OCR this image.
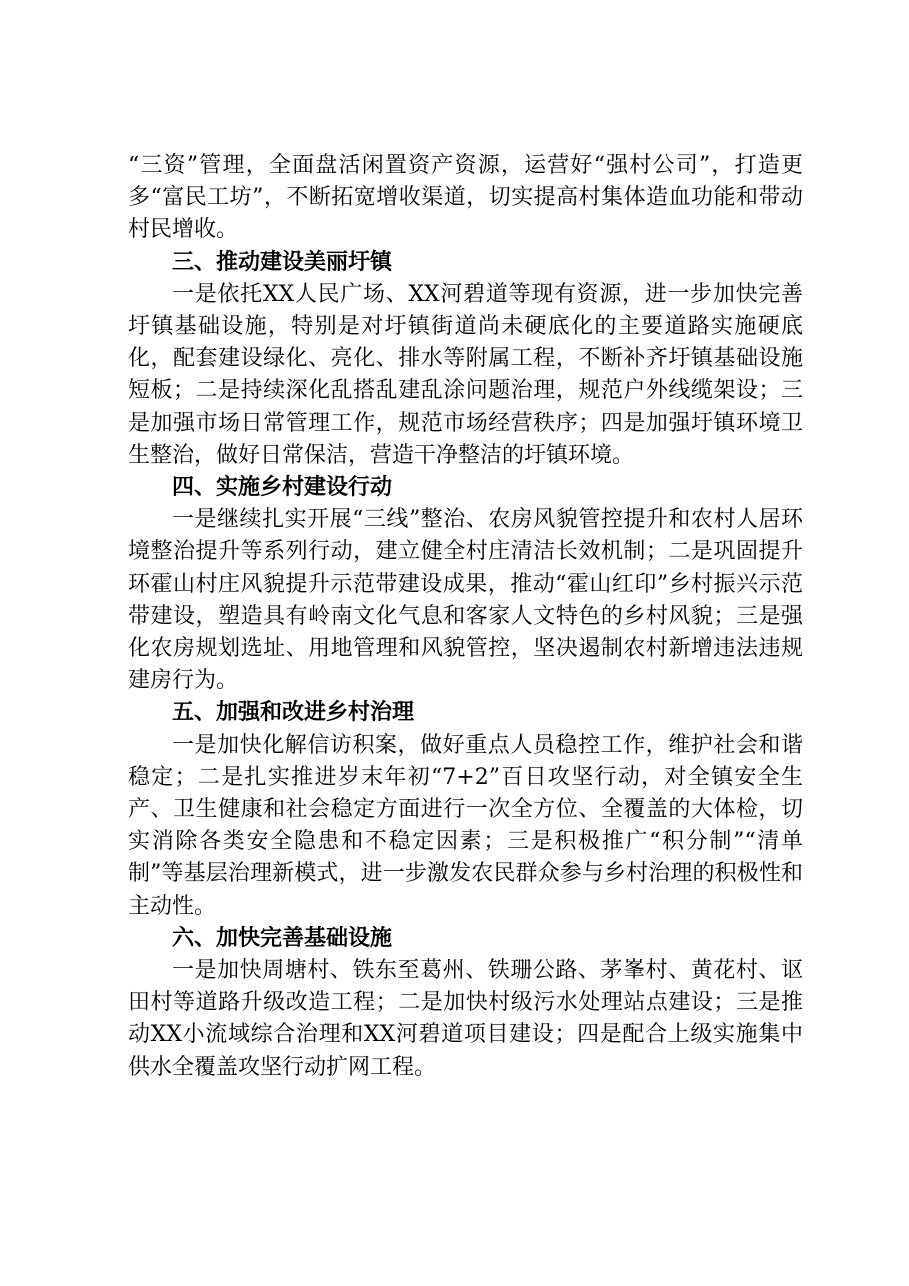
“三资”管理，全面盘活闲置资产资源，运营好“强村公司”，打造更多“富民工坊”，不断拓宽增收渠道，切实提高村集体造血功能和带动村民增收。

三、推动建设美丽圩镇

一是依托XX人民广场、XX河碧道等现有资源，进一步加快完善圩镇基础设施，特别是对圩镇街道尚未硬底化的主要道路实施硬底化，配套建设绿化、亮化、排水等附属工程，不断补齐圩镇基础设施短板；二是持续深化乱搭乱建乱涂问题治理，规范户外线缆架设；三是加强市场日常管理工作，规范市场经营秩序；四是加强圩镇环境卫生整治，做好日常保洁，营造干净整洁的圩镇环境。

四、实施乡村建设行动

一是继续扎实开展“三线”整治、农房风貌管控提升和农村人居环境整治提升等系列行动，建立健全村庄清洁长效机制；二是巩固提升环霍山村庄风貌提升示范带建设成果，推动“霍山红印”乡村振兴示范带建设，塑造具有岭南文化气息和客家人文特色的乡村风貌；三是强化农房规划选址、用地管理和风貌管控，坚决遏制农村新增违法违规建房行为。

五、加强和改进乡村治理

一是加快化解信访积案，做好重点人员稳控工作，维护社会和谐稳定；二是扎实推进岁末年初“7+2”百日攻坚行动，对全镇安全生产、卫生健康和社会稳定方面进行一次全方位、全覆盖的大体检，切实消除各类安全隐患和不稳定因素；三是积极推广“积分制”“清单制”等基层治理新模式，进一步激发农民群众参与乡村治理的积极性和主动性。

六、加快完善基础设施

一是加快周塘村、铁东至葛州、铁珊公路、茅峯村、黄花村、讴田村等道路升级改造工程；二是加快村级污水处理站点建设；三是推动XX小流域综合治理和XX河碧道项目建设；四是配合上级实施集中供水全覆盖攻坚行动扩网工程。
